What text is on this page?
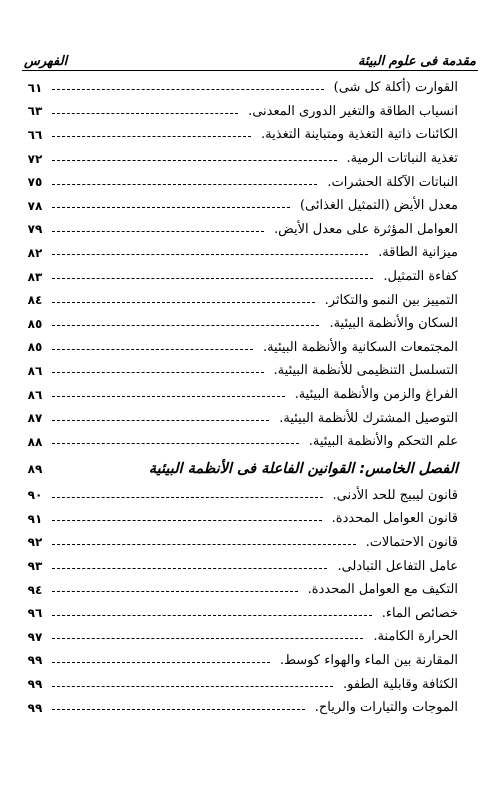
مقدمة فى علوم البيئة
الفهرس
القوارت (أكلة كل شى)
٦١
انسياب الطاقة والتغير الدورى المعدنى.
٦٣
الكائنات ذاتية التغذية ومتباينة التغذية.
٦٦
تغذية النباتات الرمية.
٧٢
النباتات الآكلة الحشرات.
٧٥
معدل الأيض (التمثيل الغذائى)
٧٨
العوامل المؤثرة على معدل الأيض.
٧٩
ميزانية الطاقة.
٨٢
كفاءة التمثيل.
٨٣
التمييز بين النمو والتكاثر.
٨٤
السكان والأنظمة البيئية.
٨٥
المجتمعات السكانية والأنظمة البيئية.
٨٥
التسلسل التنظيمى للأنظمة البيئية.
٨٦
الفراغ والزمن والأنظمة البيئية.
٨٦
التوصيل المشترك للأنظمة البيئية.
٨٧
علم التحكم والأنظمة البيئية.
٨٨
الفصل الخامس: القوانين الفاعلة فى الأنظمة البيئية
٨٩
قانون ليبيج للحد الأدنى.
٩٠
قانون العوامل المحددة.
٩١
قانون الاحتمالات.
٩٢
عامل التفاعل التبادلى.
٩٣
التكيف مع العوامل المحددة.
٩٤
خصائص الماء.
٩٦
الحرارة الكامنة.
٩٧
المقارنة بين الماء والهواء كوسط.
٩٩
الكثافة وقابلية الطفو.
٩٩
الموجات والتيارات والرياح.
٩٩
